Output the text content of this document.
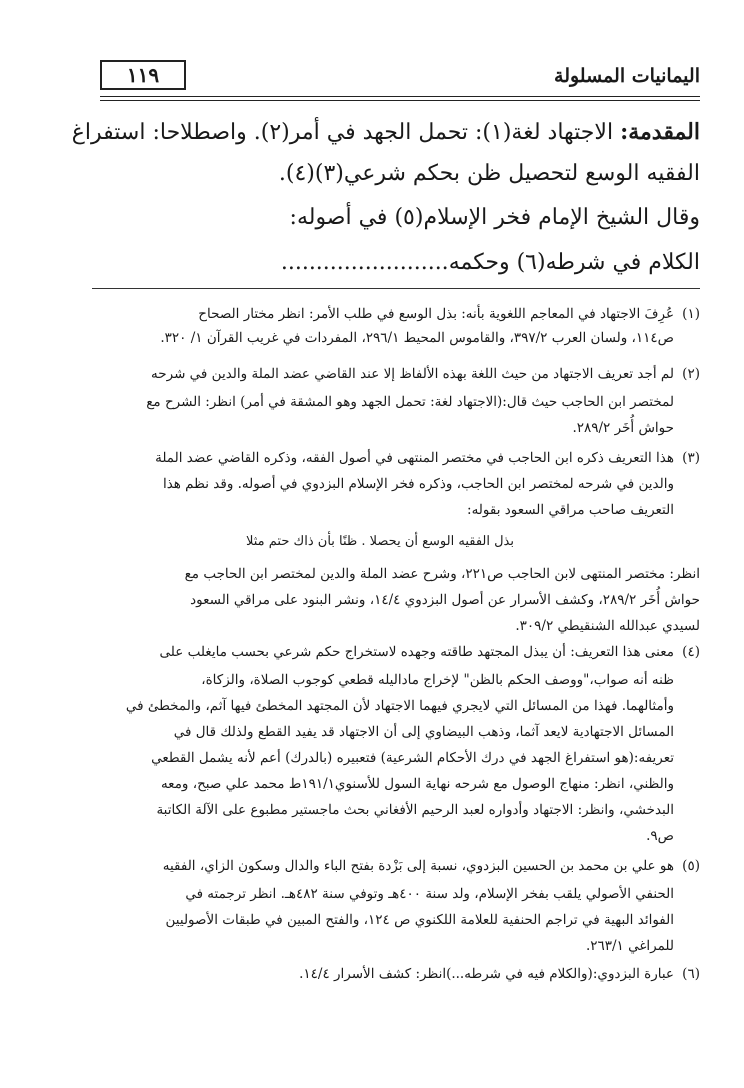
اليمانيات المسلولة
١١٩
المقدمة: الاجتهاد لغة(١): تحمل الجهد في أمر(٢). واصطلاحا: استفراغ
الفقيه الوسع لتحصيل ظن بحكم شرعي(٣)(٤).
وقال الشيخ الإمام فخر الإسلام(٥) في أصوله:
الكلام في شرطه(٦) وحكمه........................
(١)عُرِفَ الاجتهاد في المعاجم اللغوية بأنه: بذل الوسع في طلب الأمر: انظر مختار الصحاح
ص١١٤، ولسان العرب ٣٩٧/٢، والقاموس المحيط ٢٩٦/١، المفردات في غريب القرآن ١/ ٣٢٠.
(٢)لم أجد تعريف الاجتهاد من حيث اللغة بهذه الألفاظ إلا عند القاضي عضد الملة والدين في شرحه
لمختصر ابن الحاجب حيث قال:(الاجتهاد لغة: تحمل الجهد وهو المشقة في أمر) انظر: الشرح مع
حواش أُخَر ٢٨٩/٢.
(٣)هذا التعريف ذكره ابن الحاجب في مختصر المنتهى في أصول الفقه، وذكره القاضي عضد الملة
والدين في شرحه لمختصر ابن الحاجب، وذكره فخر الإسلام البزدوي في أصوله. وقد نظم هذا
التعريف صاحب مراقي السعود بقوله:
بذل الفقيه الوسع أن يحصلا . ظنًا بأن ذاك حتم مثلا
انظر: مختصر المنتهى لابن الحاجب ص٢٢١، وشرح عضد الملة والدين لمختصر ابن الحاجب مع
حواش أُخَر ٢٨٩/٢، وكشف الأسرار عن أصول البزدوي ١٤/٤، ونشر البنود على مراقي السعود
لسيدي عبدالله الشنقيطي ٣٠٩/٢.
(٤)معنى هذا التعريف: أن يبذل المجتهد طاقته وجهده لاستخراج حكم شرعي بحسب مايغلب على
ظنه أنه صواب،"ووصف الحكم بالظن" لإخراج ماداليله قطعي كوجوب الصلاة، والزكاة،
وأمثالهما. فهذا من المسائل التي لايجري فيهما الاجتهاد لأن المجتهد المخطئ فيها آثم، والمخطئ في
المسائل الاجتهادية لايعد آثما، وذهب البيضاوي إلى أن الاجتهاد قد يفيد القطع ولذلك قال في
تعريفه:(هو استفراغ الجهد في درك الأحكام الشرعية) فتعبيره (بالدرك) أعم لأنه يشمل القطعي
والظني، انظر: منهاج الوصول مع شرحه نهاية السول للأسنوي١٩١/١ط محمد علي صبح، ومعه
البدخشي، وانظر: الاجتهاد وأدواره لعبد الرحيم الأفغاني بحث ماجستير مطبوع على الآلة الكاتبة
ص٩.
(٥)هو علي بن محمد بن الحسين البزدوي، نسبة إلى بَزْدة بفتح الباء والدال وسكون الزاي، الفقيه
الحنفي الأصولي يلقب بفخر الإسلام، ولد سنة ٤٠٠هـ وتوفي سنة ٤٨٢هـ. انظر ترجمته في
الفوائد البهية في تراجم الحنفية للعلامة اللكنوي ص ١٢٤، والفتح المبين في طبقات الأصوليين
للمراغي ٢٦٣/١.
(٦)عبارة البزدوي:(والكلام فيه في شرطه...)انظر: كشف الأسرار ١٤/٤.
